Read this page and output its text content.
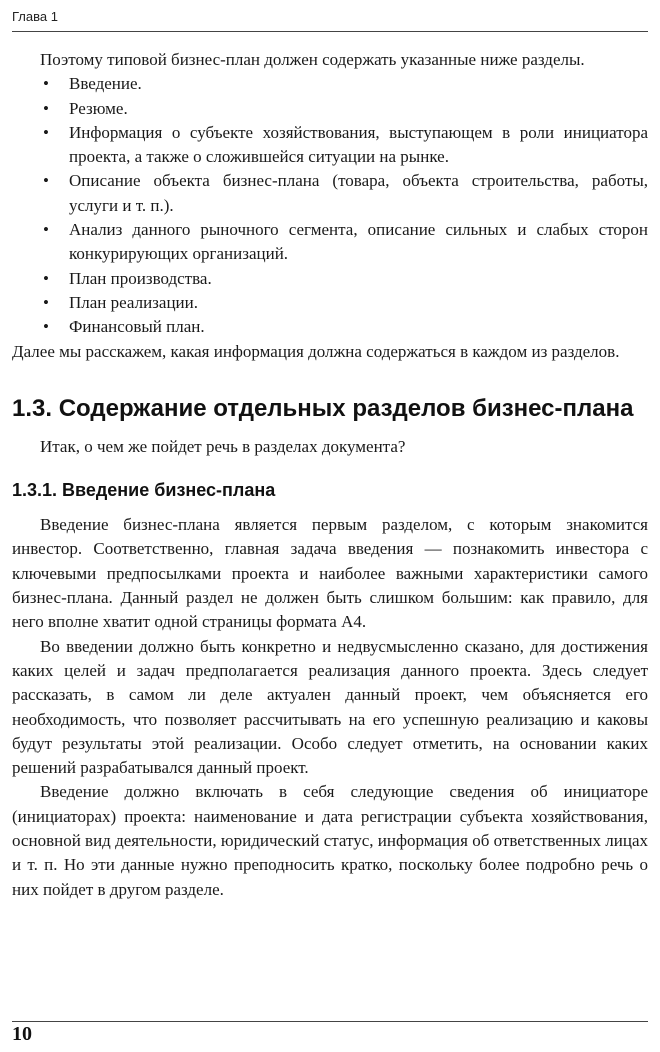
Глава 1

Поэтому типовой бизнес-план должен содержать указанные ниже разделы.

• Введение.
• Резюме.
• Информация о субъекте хозяйствования, выступающем в роли инициатора проекта, а также о сложившейся ситуации на рынке.
• Описание объекта бизнес-плана (товара, объекта строительства, работы, услуги и т. п.).
• Анализ данного рыночного сегмента, описание сильных и слабых сторон конкурирующих организаций.
• План производства.
• План реализации.
• Финансовый план.

Далее мы расскажем, какая информация должна содержаться в каждом из разделов.

1.3. Содержание отдельных разделов бизнес-плана

Итак, о чем же пойдет речь в разделах документа?

1.3.1. Введение бизнес-плана

Введение бизнес-плана является первым разделом, с которым знакомится инвестор. Соответственно, главная задача введения — познакомить инвестора с ключевыми предпосылками проекта и наиболее важными характеристики самого бизнес-плана. Данный раздел не должен быть слишком большим: как правило, для него вполне хватит одной страницы формата А4.

Во введении должно быть конкретно и недвусмысленно сказано, для достижения каких целей и задач предполагается реализация данного проекта. Здесь следует рассказать, в самом ли деле актуален данный проект, чем объясняется его необходимость, что позволяет рассчитывать на его успешную реализацию и каковы будут результаты этой реализации. Особо следует отметить, на основании каких решений разрабатывался данный проект.

Введение должно включать в себя следующие сведения об инициаторе (инициаторах) проекта: наименование и дата регистрации субъекта хозяйствования, основной вид деятельности, юридический статус, информация об ответственных лицах и т. п. Но эти данные нужно преподносить кратко, поскольку более подробно речь о них пойдет в другом разделе.

10
